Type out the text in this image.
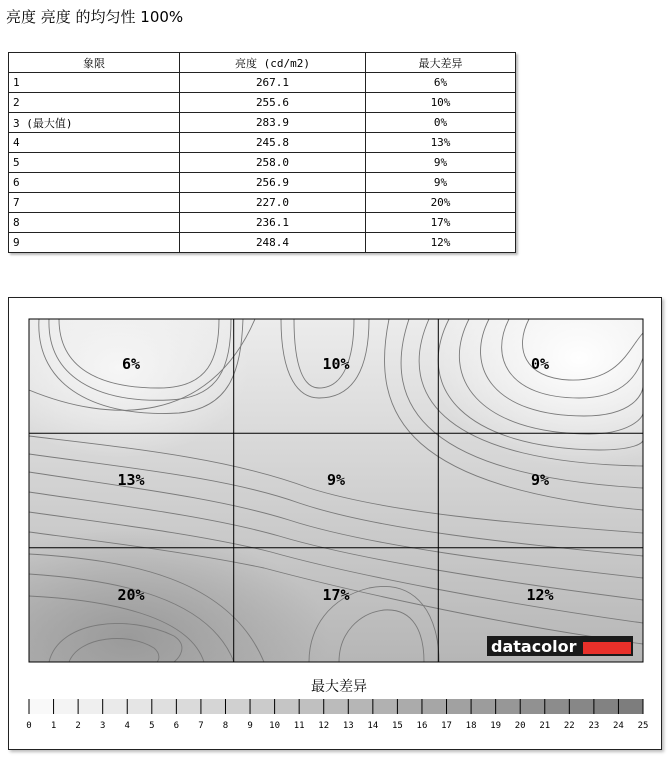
亮度 亮度 的均匀性 100%
象限	亮度 (cd/m2)	最大差异
1	267.1	6%
2	255.6	10%
3 (最大值)	283.9	0%
4	245.8	13%
5	258.0	9%
6	256.9	9%
7	227.0	20%
8	236.1	17%
9	248.4	12%
6%	10%	0%
13%	9%	9%
20%	17%	12%
datacolor
最大差异
0 1 2 3 4 5 6 7 8 9 10 11 12 13 14 15 16 17 18 19 20 21 22 23 24 25
